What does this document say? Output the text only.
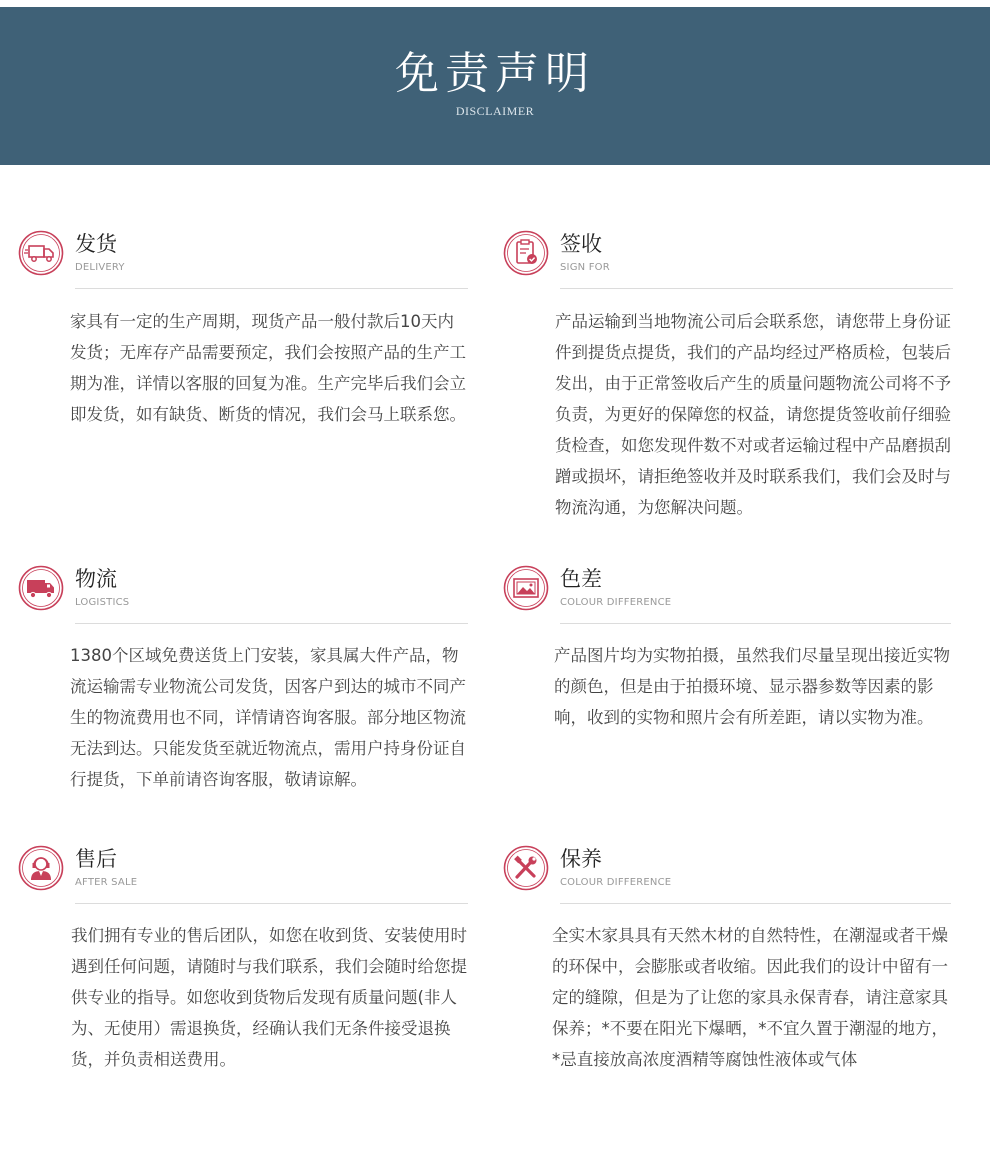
免责声明
DISCLAIMER
发货
DELIVERY
家具有一定的生产周期，现货产品一般付款后10天内发货；无库存产品需要预定，我们会按照产品的生产工期为准，详情以客服的回复为准。生产完毕后我们会立即发货，如有缺货、断货的情况，我们会马上联系您。
签收
SIGN FOR
产品运输到当地物流公司后会联系您，请您带上身份证件到提货点提货，我们的产品均经过严格质检，包装后发出，由于正常签收后产生的质量问题物流公司将不予负责，为更好的保障您的权益，请您提货签收前仔细验货检查，如您发现件数不对或者运输过程中产品磨损刮蹭或损坏，请拒绝签收并及时联系我们，我们会及时与物流沟通，为您解决问题。
物流
LOGISTICS
1380个区域免费送货上门安装，家具属大件产品，物流运输需专业物流公司发货，因客户到达的城市不同产生的物流费用也不同，详情请咨询客服。部分地区物流无法到达。只能发货至就近物流点，需用户持身份证自行提货，下单前请咨询客服，敬请谅解。
色差
COLOUR DIFFERENCE
产品图片均为实物拍摄，虽然我们尽量呈现出接近实物的颜色，但是由于拍摄环境、显示器参数等因素的影响，收到的实物和照片会有所差距，请以实物为准。
售后
AFTER SALE
我们拥有专业的售后团队，如您在收到货、安装使用时遇到任何问题，请随时与我们联系，我们会随时给您提供专业的指导。如您收到货物后发现有质量问题(非人为、无使用）需退换货，经确认我们无条件接受退换货，并负责相送费用。
保养
COLOUR DIFFERENCE
全实木家具具有天然木材的自然特性，在潮湿或者干燥的环保中，会膨胀或者收缩。因此我们的设计中留有一定的缝隙，但是为了让您的家具永保青春，请注意家具保养；*不要在阳光下爆晒，*不宜久置于潮湿的地方，*忌直接放高浓度酒精等腐蚀性液体或气体
